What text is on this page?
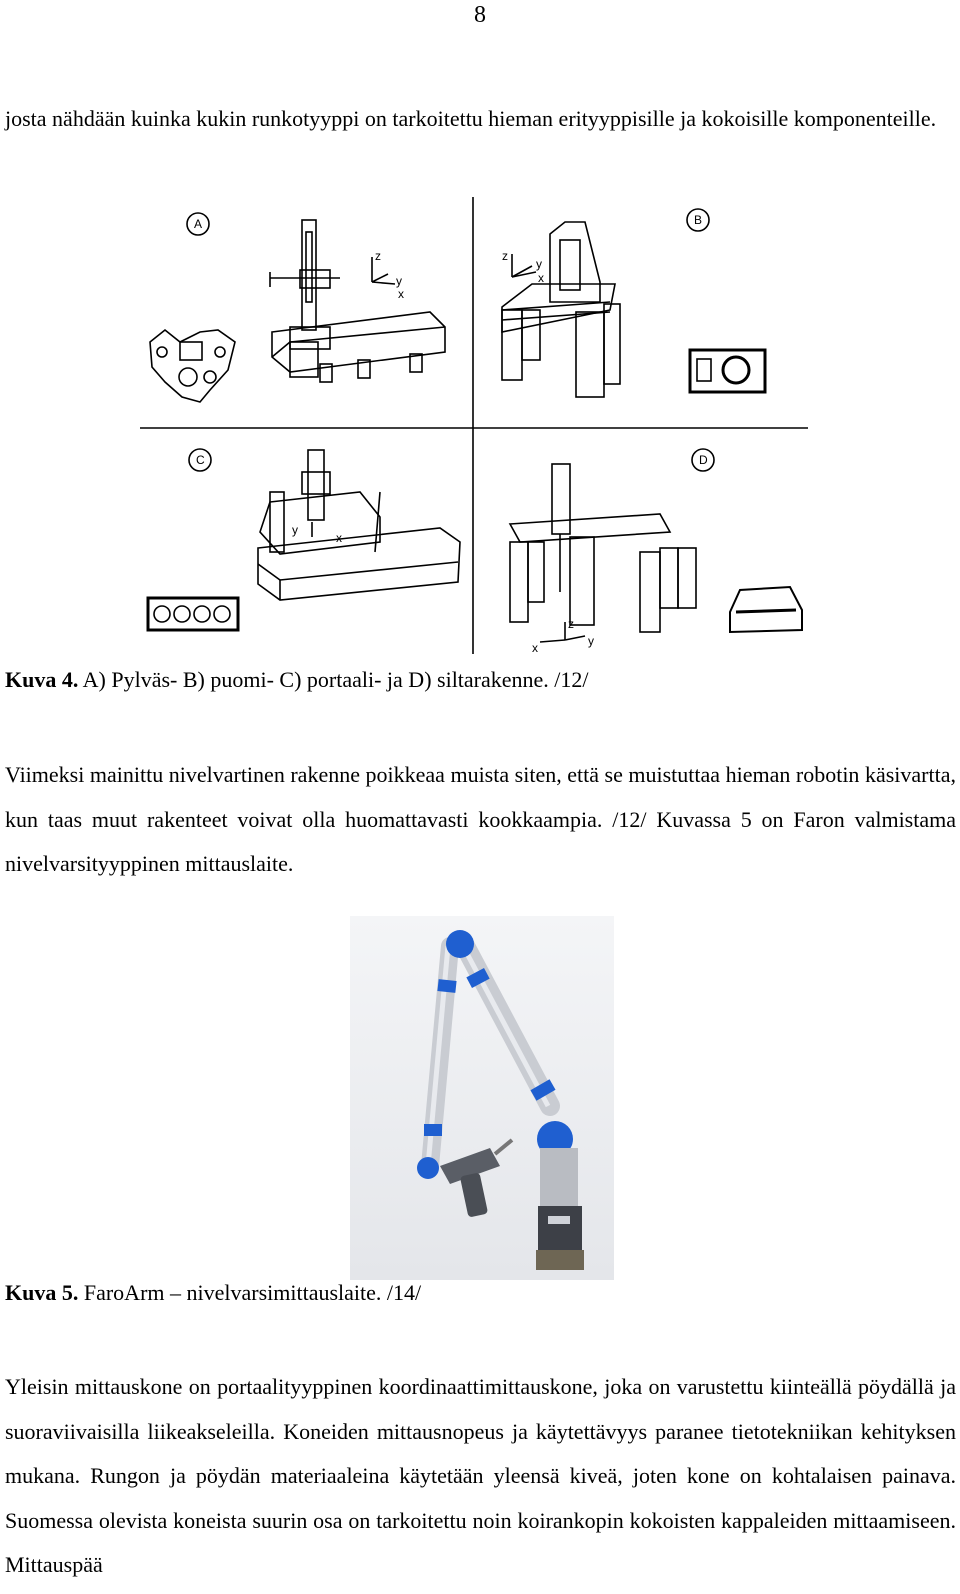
8
josta nähdään kuinka kukin runkotyyppi on tarkoitettu hieman erityyppisille ja kokoisille komponenteille.
A
z
y
x
B
z
y
x
C
y
x
D
z
x	y
Kuva 4. A) Pylväs- B) puomi- C) portaali- ja D) siltarakenne. /12/
Viimeksi mainittu nivelvartinen rakenne poikkeaa muista siten, että se muistuttaa hieman robotin käsivartta, kun taas muut rakenteet voivat olla huomattavasti kookkaampia. /12/ Kuvassa 5 on Faron valmistama nivelvarsityyppinen mittauslaite.
Kuva 5. FaroArm – nivelvarsimittauslaite. /14/
Yleisin mittauskone on portaalityyppinen koordinaattimittauskone, joka on varustettu kiinteällä pöydällä ja suoraviivaisilla liikeakseleilla. Koneiden mittausnopeus ja käytettävyys paranee tietotekniikan kehityksen mukana. Rungon ja pöydän materiaaleina käytetään yleensä kiveä, joten kone on kohtalaisen painava. Suomessa olevista koneista suurin osa on tarkoitettu noin koirankopin kokoisten kappaleiden mittaamiseen. Mittauspää
